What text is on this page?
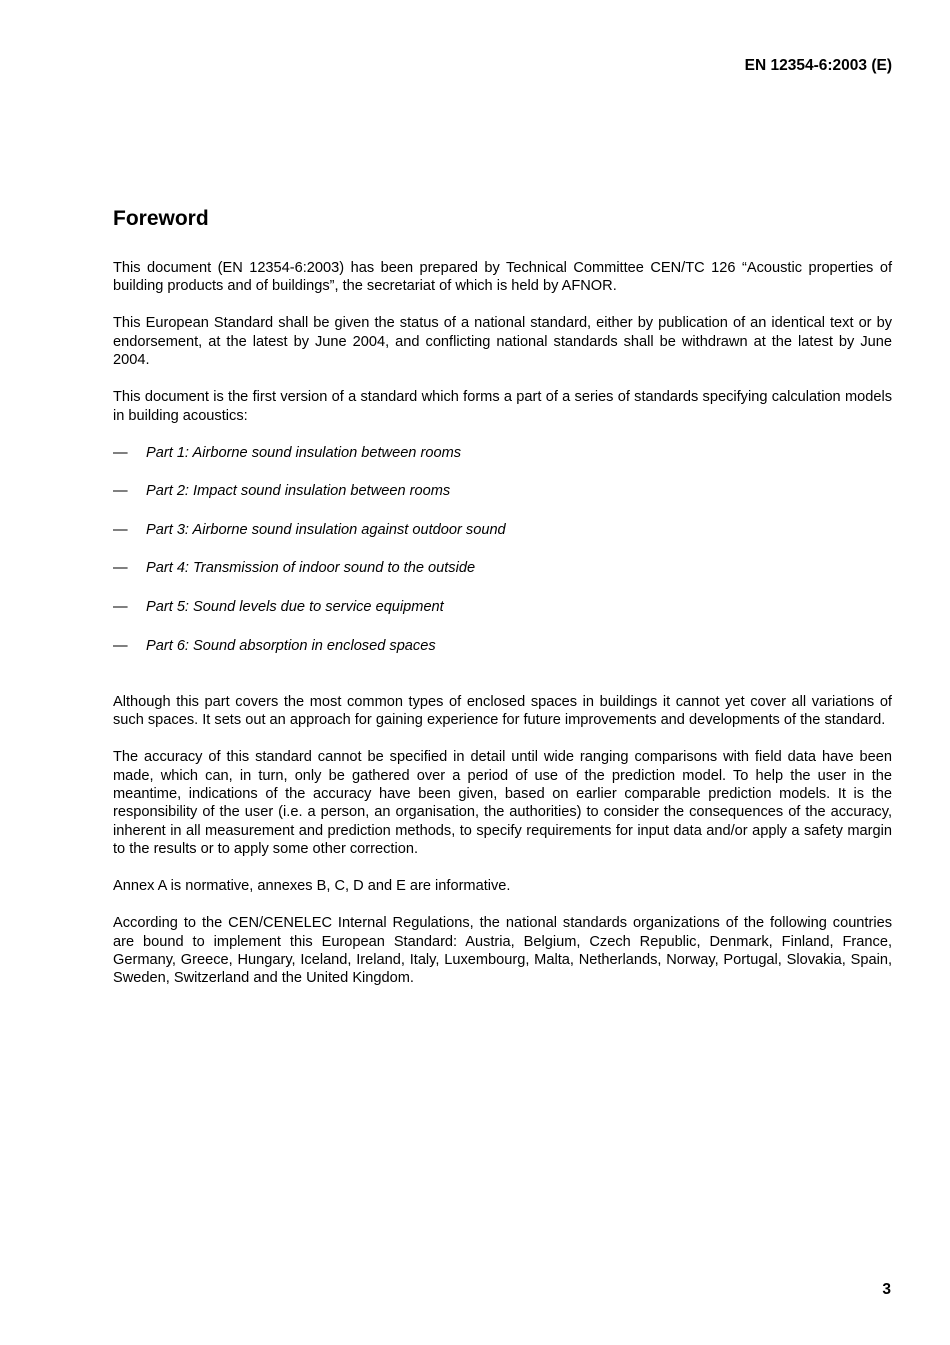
EN 12354-6:2003 (E)
Foreword

This document (EN 12354-6:2003) has been prepared by Technical Committee CEN/TC 126 “Acoustic properties of building products and of buildings”, the secretariat of which is held by AFNOR.

This European Standard shall be given the status of a national standard, either by publication of an identical text or by endorsement, at the latest by June 2004, and conflicting national standards shall be withdrawn at the latest by June 2004.

This document is the first version of a standard which forms a part of a series of standards specifying calculation models in building acoustics:

—	Part 1: Airborne sound insulation between rooms
—	Part 2: Impact sound insulation between rooms
—	Part 3: Airborne sound insulation against outdoor sound
—	Part 4: Transmission of indoor sound to the outside
—	Part 5: Sound levels due to service equipment
—	Part 6: Sound absorption in enclosed spaces

Although this part covers the most common types of enclosed spaces in buildings it cannot yet cover all variations of such spaces. It sets out an approach for gaining experience for future improvements and developments of the standard.

The accuracy of this standard cannot be specified in detail until wide ranging comparisons with field data have been made, which can, in turn, only be gathered over a period of use of the prediction model. To help the user in the meantime, indications of the accuracy have been given, based on earlier comparable prediction models. It is the responsibility of the user (i.e. a person, an organisation, the authorities) to consider the consequences of the accuracy, inherent in all measurement and prediction methods, to specify requirements for input data and/or apply a safety margin to the results or to apply some other correction.

Annex A is normative, annexes B, C, D and E are informative.

According to the CEN/CENELEC Internal Regulations, the national standards organizations of the following countries are bound to implement this European Standard: Austria, Belgium, Czech Republic, Denmark, Finland, France, Germany, Greece, Hungary, Iceland, Ireland, Italy, Luxembourg, Malta, Netherlands, Norway, Portugal, Slovakia, Spain, Sweden, Switzerland and the United Kingdom.

3
